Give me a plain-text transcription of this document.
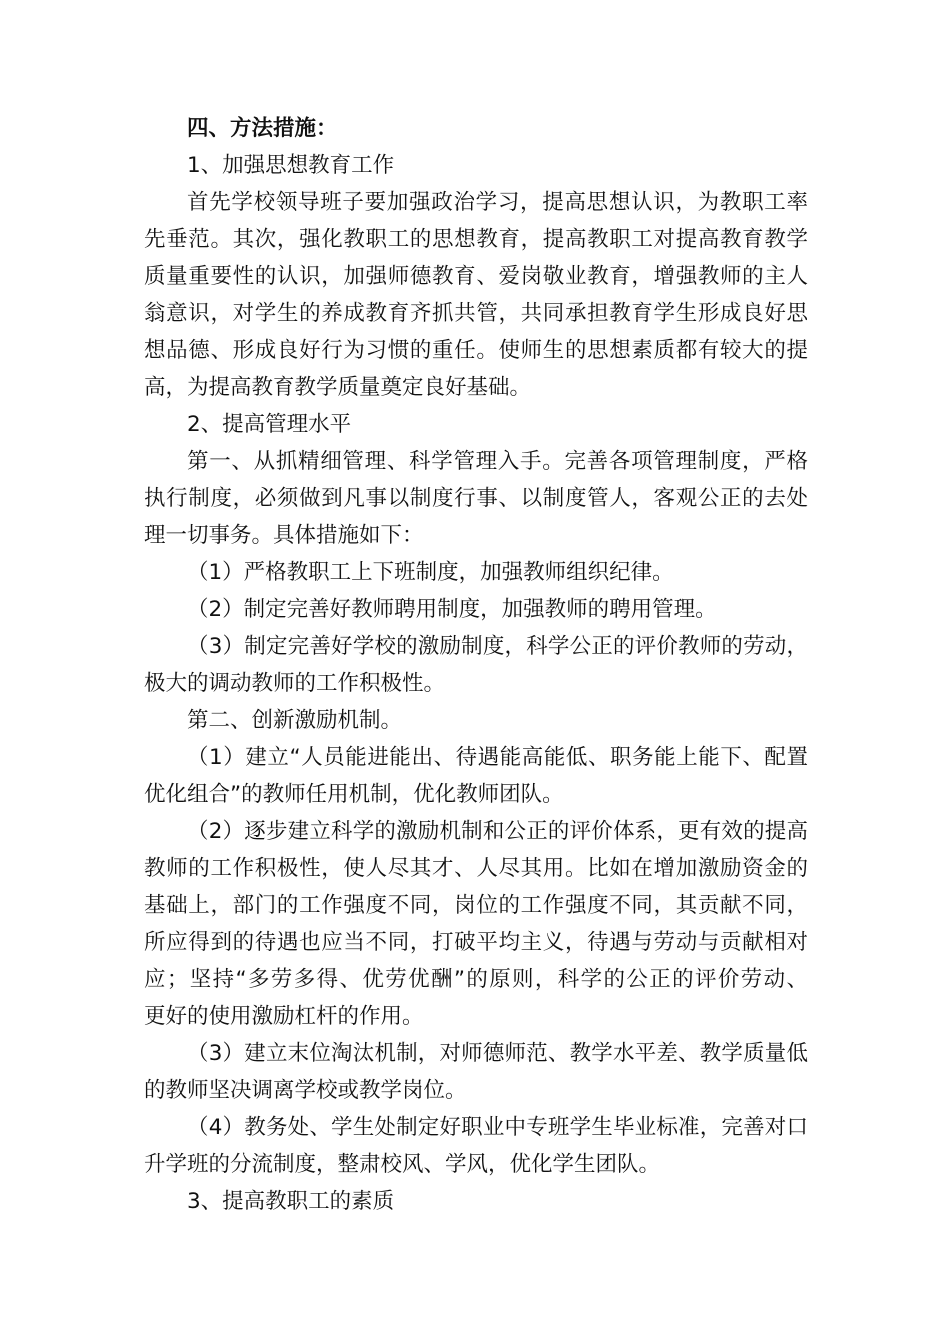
四、方法措施：
1、加强思想教育工作
首先学校领导班子要加强政治学习，提高思想认识，为教职工率
先垂范。其次，强化教职工的思想教育，提高教职工对提高教育教学
质量重要性的认识，加强师德教育、爱岗敬业教育，增强教师的主人
翁意识，对学生的养成教育齐抓共管，共同承担教育学生形成良好思
想品德、形成良好行为习惯的重任。使师生的思想素质都有较大的提
高，为提高教育教学质量奠定良好基础。
2、提高管理水平
第一、从抓精细管理、科学管理入手。完善各项管理制度，严格
执行制度，必须做到凡事以制度行事、以制度管人，客观公正的去处
理一切事务。具体措施如下：
（1）严格教职工上下班制度，加强教师组织纪律。
（2）制定完善好教师聘用制度，加强教师的聘用管理。
（3）制定完善好学校的激励制度，科学公正的评价教师的劳动，
极大的调动教师的工作积极性。
第二、创新激励机制。
（1）建立“人员能进能出、待遇能高能低、职务能上能下、配置
优化组合”的教师任用机制，优化教师团队。
（2）逐步建立科学的激励机制和公正的评价体系，更有效的提高
教师的工作积极性，使人尽其才、人尽其用。比如在增加激励资金的
基础上，部门的工作强度不同，岗位的工作强度不同，其贡献不同，
所应得到的待遇也应当不同，打破平均主义，待遇与劳动与贡献相对
应；坚持“多劳多得、优劳优酬”的原则，科学的公正的评价劳动、
更好的使用激励杠杆的作用。
（3）建立末位淘汰机制，对师德师范、教学水平差、教学质量低
的教师坚决调离学校或教学岗位。
（4）教务处、学生处制定好职业中专班学生毕业标准，完善对口
升学班的分流制度，整肃校风、学风，优化学生团队。
3、提高教职工的素质
